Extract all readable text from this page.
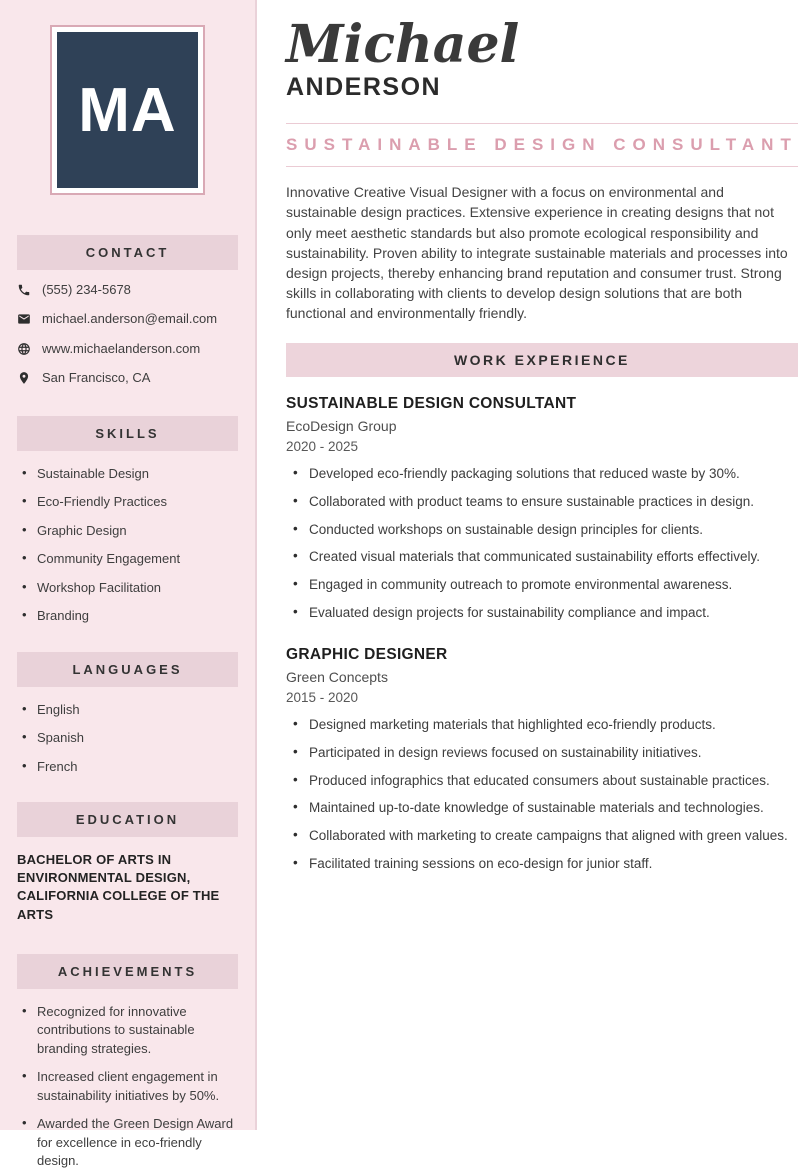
MA
CONTACT
(555) 234-5678
michael.anderson@email.com
www.michaelanderson.com
San Francisco, CA
SKILLS
• Sustainable Design
• Eco-Friendly Practices
• Graphic Design
• Community Engagement
• Workshop Facilitation
• Branding
LANGUAGES
• English
• Spanish
• French
EDUCATION
BACHELOR OF ARTS IN ENVIRONMENTAL DESIGN, CALIFORNIA COLLEGE OF THE ARTS
ACHIEVEMENTS
• Recognized for innovative contributions to sustainable branding strategies.
• Increased client engagement in sustainability initiatives by 50%.
• Awarded the Green Design Award for excellence in eco-friendly design.
Michael
ANDERSON
SUSTAINABLE DESIGN CONSULTANT

Innovative Creative Visual Designer with a focus on environmental and sustainable design practices. Extensive experience in creating designs that not only meet aesthetic standards but also promote ecological responsibility and sustainability. Proven ability to integrate sustainable materials and processes into design projects, thereby enhancing brand reputation and consumer trust. Strong skills in collaborating with clients to develop design solutions that are both functional and environmentally friendly.

WORK EXPERIENCE
SUSTAINABLE DESIGN CONSULTANT
EcoDesign Group
2020 - 2025
• Developed eco-friendly packaging solutions that reduced waste by 30%.
• Collaborated with product teams to ensure sustainable practices in design.
• Conducted workshops on sustainable design principles for clients.
• Created visual materials that communicated sustainability efforts effectively.
• Engaged in community outreach to promote environmental awareness.
• Evaluated design projects for sustainability compliance and impact.
GRAPHIC DESIGNER
Green Concepts
2015 - 2020
• Designed marketing materials that highlighted eco-friendly products.
• Participated in design reviews focused on sustainability initiatives.
• Produced infographics that educated consumers about sustainable practices.
• Maintained up-to-date knowledge of sustainable materials and technologies.
• Collaborated with marketing to create campaigns that aligned with green values.
• Facilitated training sessions on eco-design for junior staff.
